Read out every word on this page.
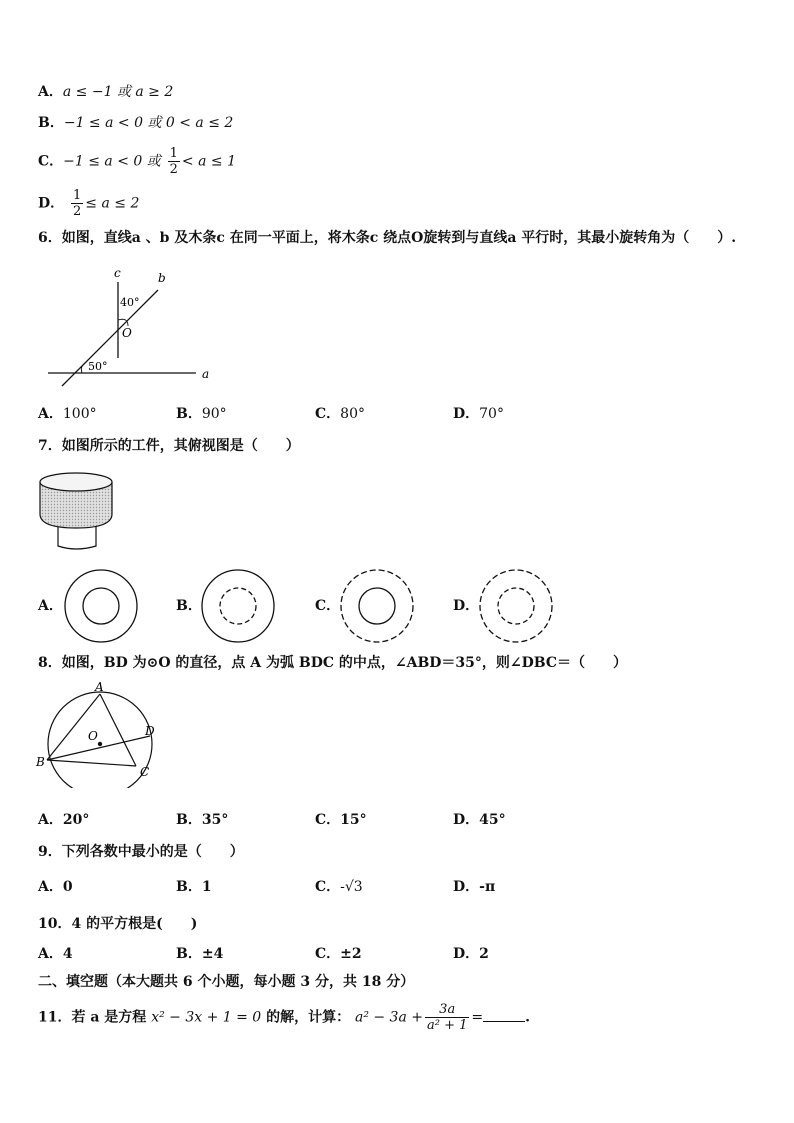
A．a ≤ −1 或 a ≥ 2
B．−1 ≤ a < 0 或 0 < a ≤ 2
C．−1 ≤ a < 0 或 $\frac{1}{2} < a \le 1$
D． $\frac{1}{2} \le a \le 2$
6．如图，直线a 、b 及木条c 在同一平面上，将木条c 绕点O旋转到与直线a 平行时，其最小旋转角为（　　）.
c	b
40°
O
50°
a
A．100°	B．90°	C．80°	D．70°
7．如图所示的工件，其俯视图是（　　）
A．	B．	C．	D．
8．如图，BD 为⊙O 的直径，点 A 为弧 BDC 的中点，∠ABD＝35°，则∠DBC＝（　　）
A
O	D
B
C
A．20°	B．35°	C．15°	D．45°
9．下列各数中最小的是（　　）
A．0	B．1	C．-√3	D．-π
10．4 的平方根是(　　)
A．4	B．±4	C．±2	D．2
二、填空题（本大题共 6 个小题，每小题 3 分，共 18 分）
11．若 a 是方程 x² − 3x + 1 = 0 的解，计算： $a^2 - 3a + \frac{3a}{\text{a² + 1}}$ =	.
